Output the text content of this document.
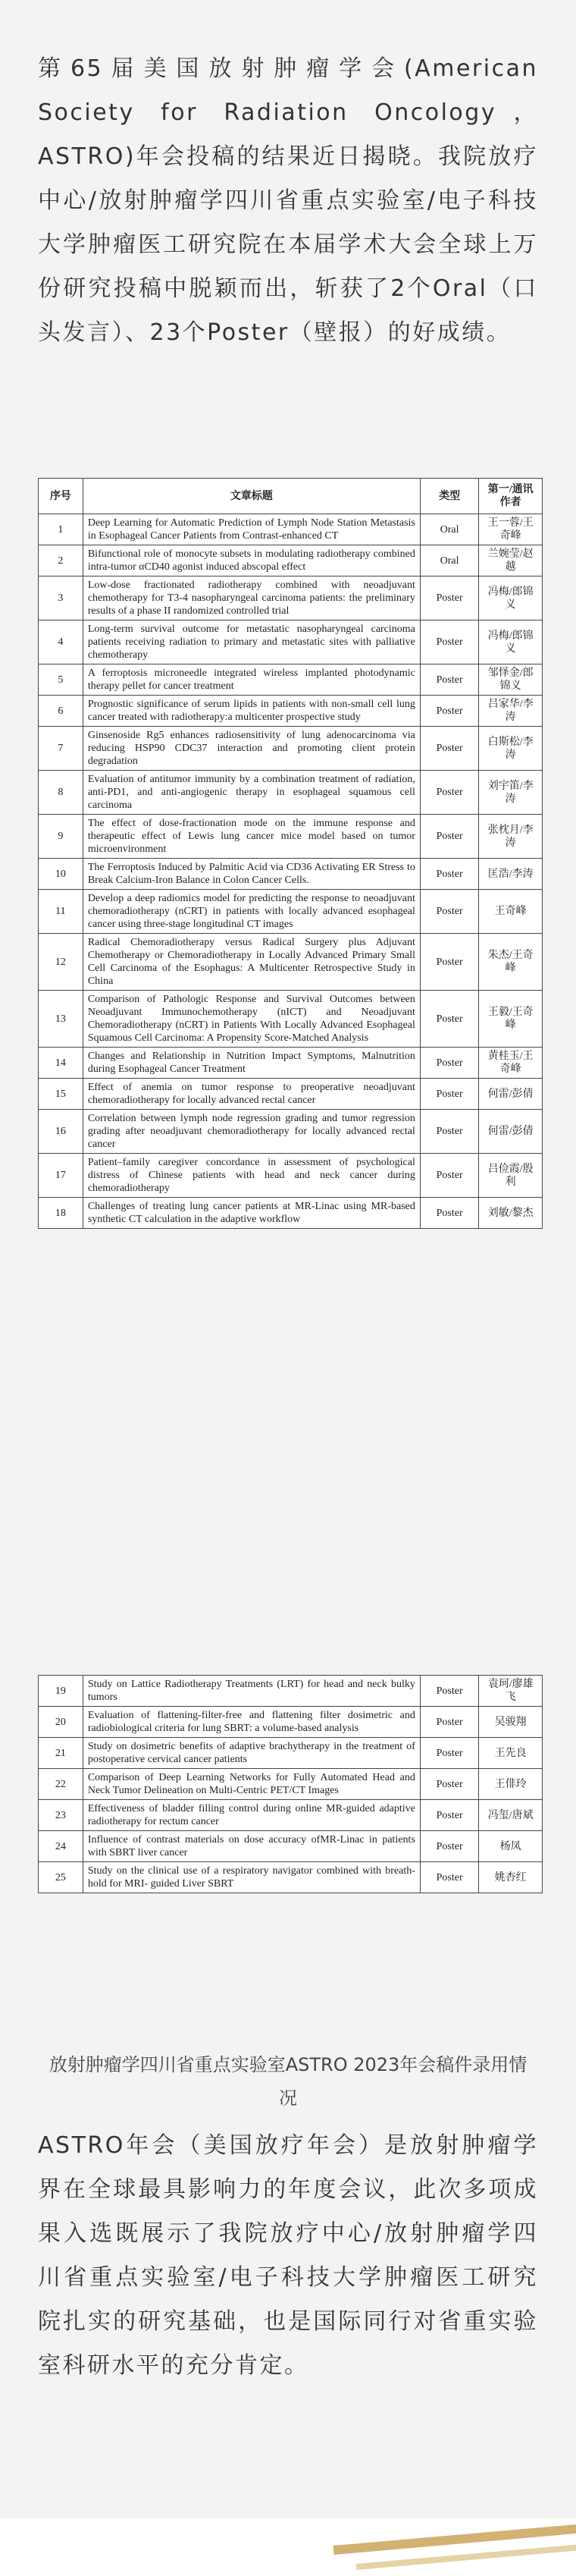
第65届美国放射肿瘤学会(American Society for Radiation Oncology，ASTRO)年会投稿的结果近日揭晓。我院放疗中心/放射肿瘤学四川省重点实验室/电子科技大学肿瘤医工研究院在本届学术大会全球上万份研究投稿中脱颖而出，斩获了2个Oral（口头发言）、23个Poster（壁报）的好成绩。

序号	文章标题	类型	第一/通讯作者
1	Deep Learning for Automatic Prediction of Lymph Node Station Metastasis in Esophageal Cancer Patients from Contrast-enhanced CT	Oral	王一蓉/王奇峰
2	Bifunctional role of monocyte subsets in modulating radiotherapy combined intra-tumor αCD40 agonist induced abscopal effect	Oral	兰婉莹/赵越
3	Low-dose fractionated radiotherapy combined with neoadjuvant chemotherapy for T3-4 nasopharyngeal carcinoma patients: the preliminary results of a phase II randomized controlled trial	Poster	冯梅/郎锦义
4	Long-term survival outcome for metastatic nasopharyngeal carcinoma patients receiving radiation to primary and metastatic sites with palliative chemotherapy	Poster	冯梅/郎锦义
5	A ferroptosis microneedle integrated wireless implanted photodynamic therapy pellet for cancer treatment	Poster	邹怿金/郎锦义
6	Prognostic significance of serum lipids in patients with non-small cell lung cancer treated with radiotherapy:a multicenter prospective study	Poster	吕家华/李涛
7	Ginsenoside Rg5 enhances radiosensitivity of lung adenocarcinoma via reducing HSP90 CDC37 interaction and promoting client protein degradation	Poster	白斯松/李涛
8	Evaluation of antitumor immunity by a combination treatment of radiation, anti-PD1, and anti-angiogenic therapy in esophageal squamous cell carcinoma	Poster	刘宇笛/李涛
9	The effect of dose-fractionation mode on the immune response and therapeutic effect of Lewis lung cancer mice model based on tumor microenvironment	Poster	张枕月/李涛
10	The Ferroptosis Induced by Palmitic Acid via CD36 Activating ER Stress to Break Calcium-Iron Balance in Colon Cancer Cells.	Poster	匡浩/李涛
11	Develop a deep radiomics model for predicting the response to neoadjuvant chemoradiotherapy (nCRT) in patients with locally advanced esophageal cancer using three-stage longitudinal CT images	Poster	王奇峰
12	Radical Chemoradiotherapy versus Radical Surgery plus Adjuvant Chemotherapy or Chemoradiotherapy in Locally Advanced Primary Small Cell Carcinoma of the Esophagus: A Multicenter Retrospective Study in China	Poster	朱杰/王奇峰
13	Comparison of Pathologic Response and Survival Outcomes between Neoadjuvant Immunochemotherapy (nICT) and Neoadjuvant Chemoradiotherapy (nCRT) in Patients With Locally Advanced Esophageal Squamous Cell Carcinoma: A Propensity Score-Matched Analysis	Poster	王毅/王奇峰
14	Changes and Relationship in Nutrition Impact Symptoms, Malnutrition during Esophageal Cancer Treatment	Poster	黄桂玉/王奇峰
15	Effect of anemia on tumor response to preoperative neoadjuvant chemoradiotherapy for locally advanced rectal cancer	Poster	何雷/彭倩
16	Correlation between lymph node regression grading and tumor regression grading after neoadjuvant chemoradiotherapy for locally advanced rectal cancer	Poster	何雷/彭倩
17	Patient–family caregiver concordance in assessment of psychological distress of Chinese patients with head and neck cancer during chemoradiotherapy	Poster	吕俭霞/殷利
18	Challenges of treating lung cancer patients at MR-Linac using MR-based synthetic CT calculation in the adaptive workflow	Poster	刘敏/黎杰
19	Study on Lattice Radiotherapy Treatments (LRT) for head and neck bulky tumors	Poster	袁珂/廖雄飞
20	Evaluation of flattening-filter-free and flattening filter dosimetric and radiobiological criteria for lung SBRT: a volume-based analysis	Poster	吴骏翔
21	Study on dosimetric benefits of adaptive brachytherapy in the treatment of postoperative cervical cancer patients	Poster	王先良
22	Comparison of Deep Learning Networks for Fully Automated Head and Neck Tumor Delineation on Multi-Centric PET/CT Images	Poster	王俳玲
23	Effectiveness of bladder filling control during online MR-guided adaptive radiotherapy for rectum cancer	Poster	冯玺/唐斌
24	Influence of contrast materials on dose accuracy ofMR-Linac in patients with SBRT liver cancer	Poster	杨凤
25	Study on the clinical use of a respiratory navigator combined with breath-hold for MRI- guided Liver SBRT	Poster	姚杏红

放射肿瘤学四川省重点实验室ASTRO 2023年会稿件录用情况

ASTRO年会（美国放疗年会）是放射肿瘤学界在全球最具影响力的年度会议，此次多项成果入选既展示了我院放疗中心/放射肿瘤学四川省重点实验室/电子科技大学肿瘤医工研究院扎实的研究基础，也是国际同行对省重实验室科研水平的充分肯定。
